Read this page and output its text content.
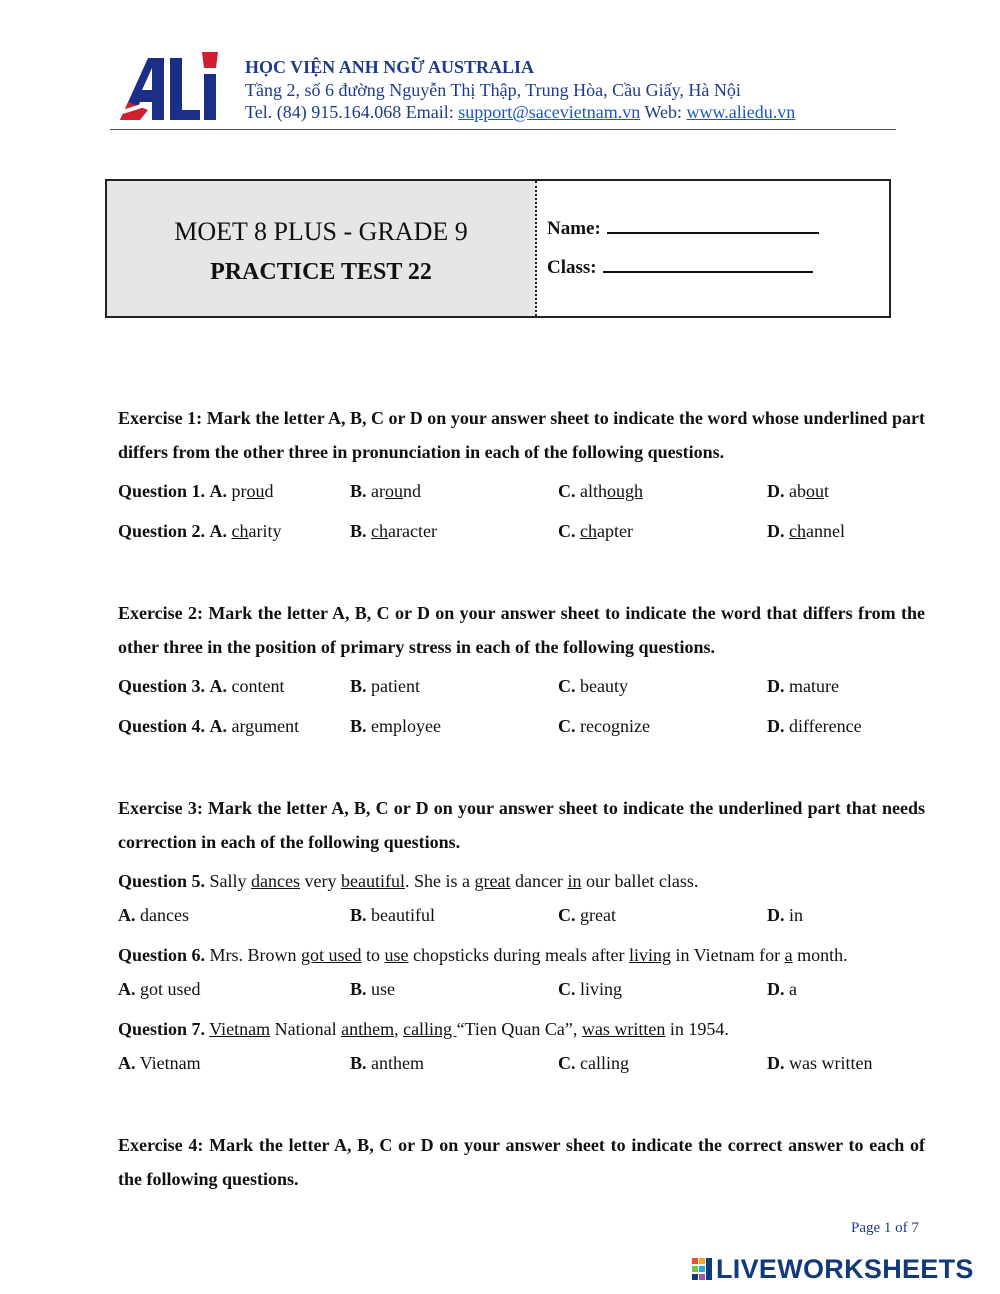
ALi
HỌC VIỆN ANH NGỮ AUSTRALIA
Tầng 2, số 6 đường Nguyễn Thị Thập, Trung Hòa, Cầu Giấy, Hà Nội
Tel. (84) 915.164.068 Email: support@sacevietnam.vn Web: www.aliedu.vn
MOET 8 PLUS - GRADE 9
PRACTICE TEST 22
Name:
Class:
Exercise 1: Mark the letter A, B, C or D on your answer sheet to indicate the word whose underlined part differs from the other three in pronunciation in each of the following questions.
Question 1. A. proud	B. around	C. although	D. about
Question 2. A. charity	B. character	C. chapter	D. channel
Exercise 2: Mark the letter A, B, C or D on your answer sheet to indicate the word that differs from the other three in the position of primary stress in each of the following questions.
Question 3. A. content	B. patient	C. beauty	D. mature
Question 4. A. argument	B. employee	C. recognize	D. difference
Exercise 3: Mark the letter A, B, C or D on your answer sheet to indicate the underlined part that needs correction in each of the following questions.
Question 5. Sally dances very beautiful. She is a great dancer in our ballet class.
A. dances	B. beautiful	C. great	D. in
Question 6. Mrs. Brown got used to use chopsticks during meals after living in Vietnam for a month.
A. got used	B. use	C. living	D. a
Question 7. Vietnam National anthem, calling “Tien Quan Ca”, was written in 1954.
A. Vietnam	B. anthem	C. calling	D. was written
Exercise 4: Mark the letter A, B, C or D on your answer sheet to indicate the correct answer to each of the following questions.
Page 1 of 7
LIVEWORKSHEETS
